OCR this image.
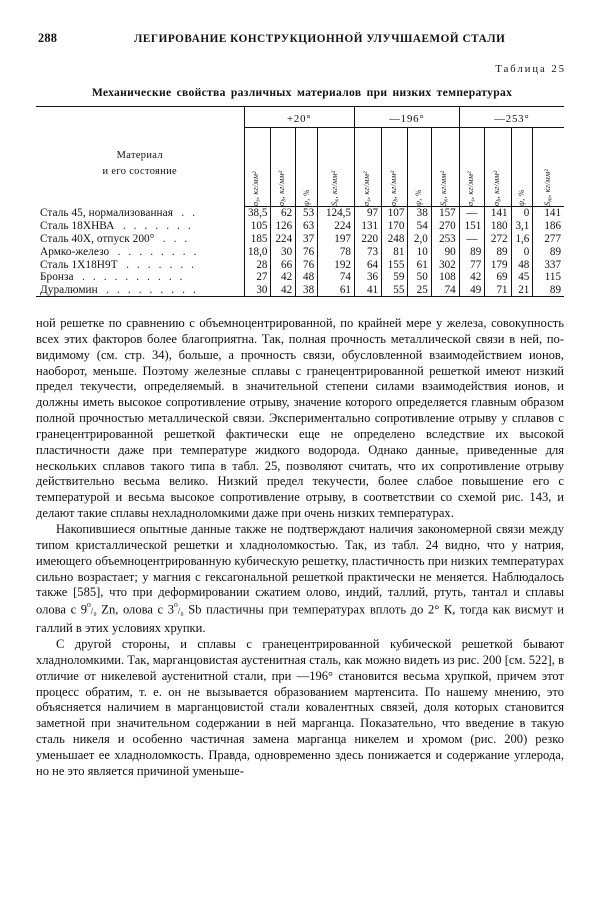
288	ЛЕГИРОВАНИЕ КОНСТРУКЦИОННОЙ УЛУЧШАЕМОЙ СТАЛИ
Таблица 25
Механические свойства различных материалов при низких температурах
Материал
и его состояние	+20°				—196°				—253°			

	$\sigma_s$, кг/мм²	$\sigma_b$, кг/мм²	ψ, %	$S_к$, кг/мм²	$\sigma_s$, кг/мм²	$\sigma_b$, кг/мм²	ψ, %	$S_к$, кг/мм²	$\sigma_s$, кг/мм²	$\sigma_b$, кг/мм²	ψ, %	$S_т$, кг/мм²

Сталь 45, нормализованная . .	38,5	62	53	124,5	97	107	38	157	—	141	0	141
Сталь 18ХНВА . . . . . . .	105	126	63	224	131	170	54	270	151	180	3,1	186
Сталь 40Х, отпуск 200° . . .	185	224	37	197	220	248	2,0	253	—	272	1,6	277
Армко-железо . . . . . . . .	18,0	30	76	78	73	81	10	90	89	89	0	89
Сталь 1Х18Н9Т . . . . . . .	28	66	76	192	64	155	61	302	77	179	48	337
Бронза . . . . . . . . . .	27	42	48	74	36	59	50	108	42	69	45	115
Дуралюмин . . . . . . . . .	30	42	38	61	41	55	25	74	49	71	21	89

ной решетке по сравнению с объемноцентрированной, по крайней мере у железа, совокупность всех этих факторов более благоприятна. Так, полная прочность металлической связи в ней, по-видимому (см. стр. 34), больше, а прочность связи, обусловленной взаимодействием ионов, наоборот, меньше. Поэтому железные сплавы с гранецентрированной решеткой имеют низкий предел текучести, определяемый. в значительной степени силами взаимодействия ионов, и должны иметь высокое сопротивление отрыву, значение которого определяется главным образом полной прочностью металлической связи. Экспериментально сопротивление отрыву у сплавов с гранецентрированной решеткой фактически еще не определено вследствие их высокой пластичности даже при температуре жидкого водорода. Однако данные, приведенные для нескольких сплавов такого типа в табл. 25, позволяют считать, что их сопротивление отрыву действительно весьма велико. Низкий предел текучести, более слабое повышение его с температурой и весьма высокое сопротивление отрыву, в соответствии со схемой рис. 143, и делают такие сплавы нехладноломкими даже при очень низких температурах.

Накопившиеся опытные данные также не подтверждают наличия закономерной связи между типом кристаллической решетки и хладноломкостью. Так, из табл. 24 видно, что у натрия, имеющего объемноцентрированную кубическую решетку, пластичность при низких температурах сильно возрастает; у магния с гексагональной решеткой практически не меняется. Наблюдалось также [585], что при деформировании сжатием олово, индий, таллий, ртуть, тантал и сплавы олова с $9^{^0/_0}$ Zn, олова с $3^{^0/_0}$ Sb пластичны при температурах вплоть до 2° К, тогда как висмут и галлий в этих условиях хрупки.

С другой стороны, и сплавы с гранецентрированной кубической решеткой бывают хладноломкими. Так, марганцовистая аустенитная сталь, как можно видеть из рис. 200 [см. 522], в отличие от никелевой аустенитной стали, при —196° становится весьма хрупкой, причем этот процесс обратим, т. е. он не вызывается образованием мартенсита. По нашему мнению, это объясняется наличием в марганцовистой стали ковалентных связей, доля которых становится заметной при значительном содержании в ней марганца. Показательно, что введение в такую сталь никеля и особенно частичная замена марганца никелем и хромом (рис. 200) резко уменьшает ее хладноломкость. Правда, одновременно здесь понижается и содержание углерода, но не это является причиной уменьше-
